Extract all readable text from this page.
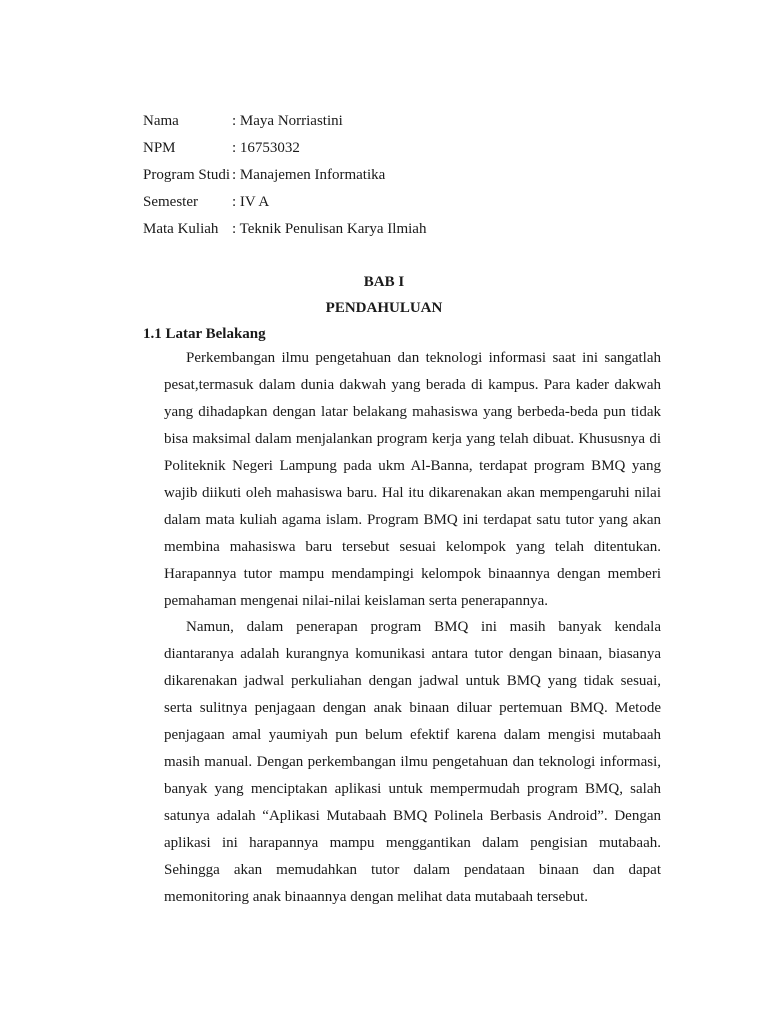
Nama	: Maya Norriastini
NPM	: 16753032
Program Studi : Manajemen Informatika
Semester	: IV A
Mata Kuliah : Teknik Penulisan Karya Ilmiah
BAB I
PENDAHULUAN
1.1 Latar Belakang

Perkembangan ilmu pengetahuan dan teknologi informasi saat ini sangatlah pesat,termasuk dalam dunia dakwah yang berada di kampus. Para kader dakwah yang dihadapkan dengan latar belakang mahasiswa yang berbeda-beda pun tidak bisa maksimal dalam menjalankan program kerja yang telah dibuat. Khususnya di Politeknik Negeri Lampung pada ukm Al-Banna, terdapat program BMQ yang wajib diikuti oleh mahasiswa baru. Hal itu dikarenakan akan mempengaruhi nilai dalam mata kuliah agama islam. Program BMQ ini terdapat satu tutor yang akan membina mahasiswa baru tersebut sesuai kelompok yang telah ditentukan. Harapannya tutor mampu mendampingi kelompok binaannya dengan memberi pemahaman mengenai nilai-nilai keislaman serta penerapannya.

Namun, dalam penerapan program BMQ ini masih banyak kendala diantaranya adalah kurangnya komunikasi antara tutor dengan binaan, biasanya dikarenakan jadwal perkuliahan dengan jadwal untuk BMQ yang tidak sesuai, serta sulitnya penjagaan dengan anak binaan diluar pertemuan BMQ. Metode penjagaan amal yaumiyah pun belum efektif karena dalam mengisi mutabaah masih manual. Dengan perkembangan ilmu pengetahuan dan teknologi informasi, banyak yang menciptakan aplikasi untuk mempermudah program BMQ, salah satunya adalah “Aplikasi Mutabaah BMQ Polinela Berbasis Android”. Dengan aplikasi ini harapannya mampu menggantikan dalam pengisian mutabaah. Sehingga akan memudahkan tutor dalam pendataan binaan dan dapat memonitoring anak binaannya dengan melihat data mutabaah tersebut.
